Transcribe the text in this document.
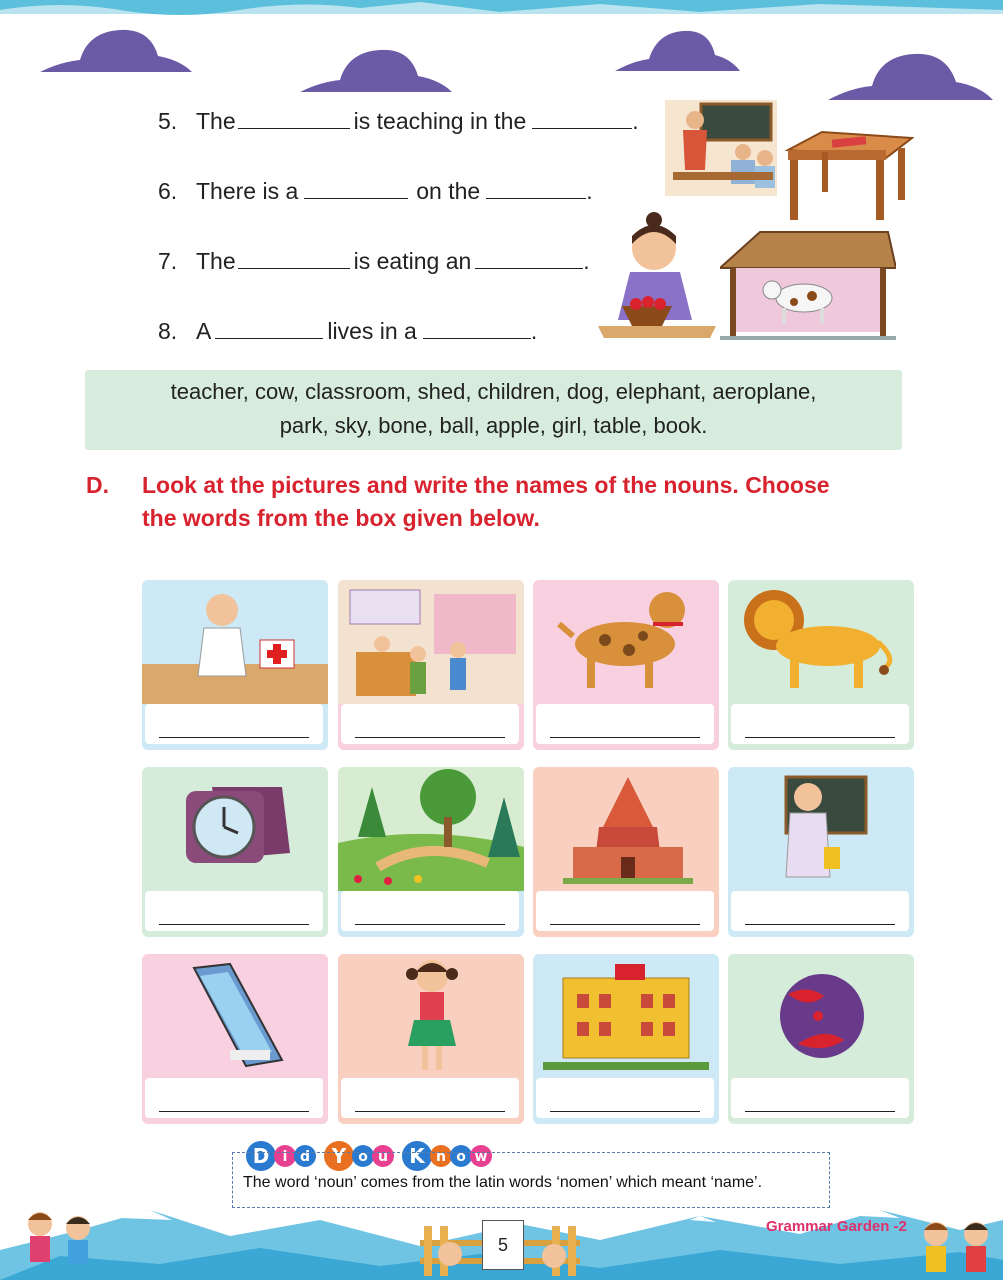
5. The	is teaching in the	.
6. There is a	on the	.
7. The	is eating an	.
8. A	lives in a	.
teacher, cow, classroom, shed, children, dog, elephant, aeroplane,
park, sky, bone, ball, apple, girl, table, book.
D. Look at the pictures and write the names of the nouns. Choose
the words from the box given below.
D i d Y o u K n o w
The word ‘noun’ comes from the latin words ‘nomen’ which meant ‘name’.
5
Grammar Garden -2
